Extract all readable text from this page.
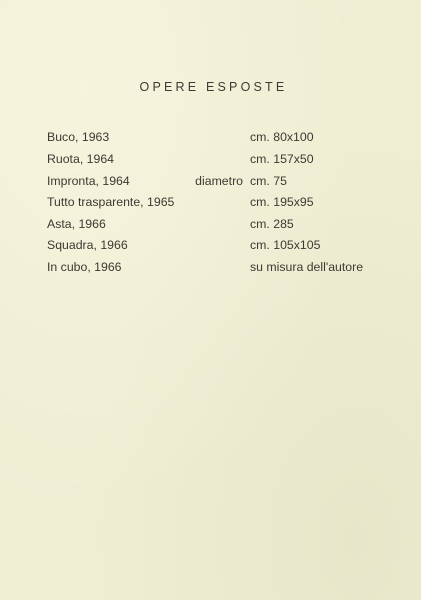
OPERE ESPOSTE
Buco, 1963	cm. 80x100
Ruota, 1964	cm. 157x50
Impronta, 1964	diametro cm. 75
Tutto trasparente, 1965	cm. 195x95
Asta, 1966	cm. 285
Squadra, 1966	cm. 105x105
In cubo, 1966	su misura dell'autore
